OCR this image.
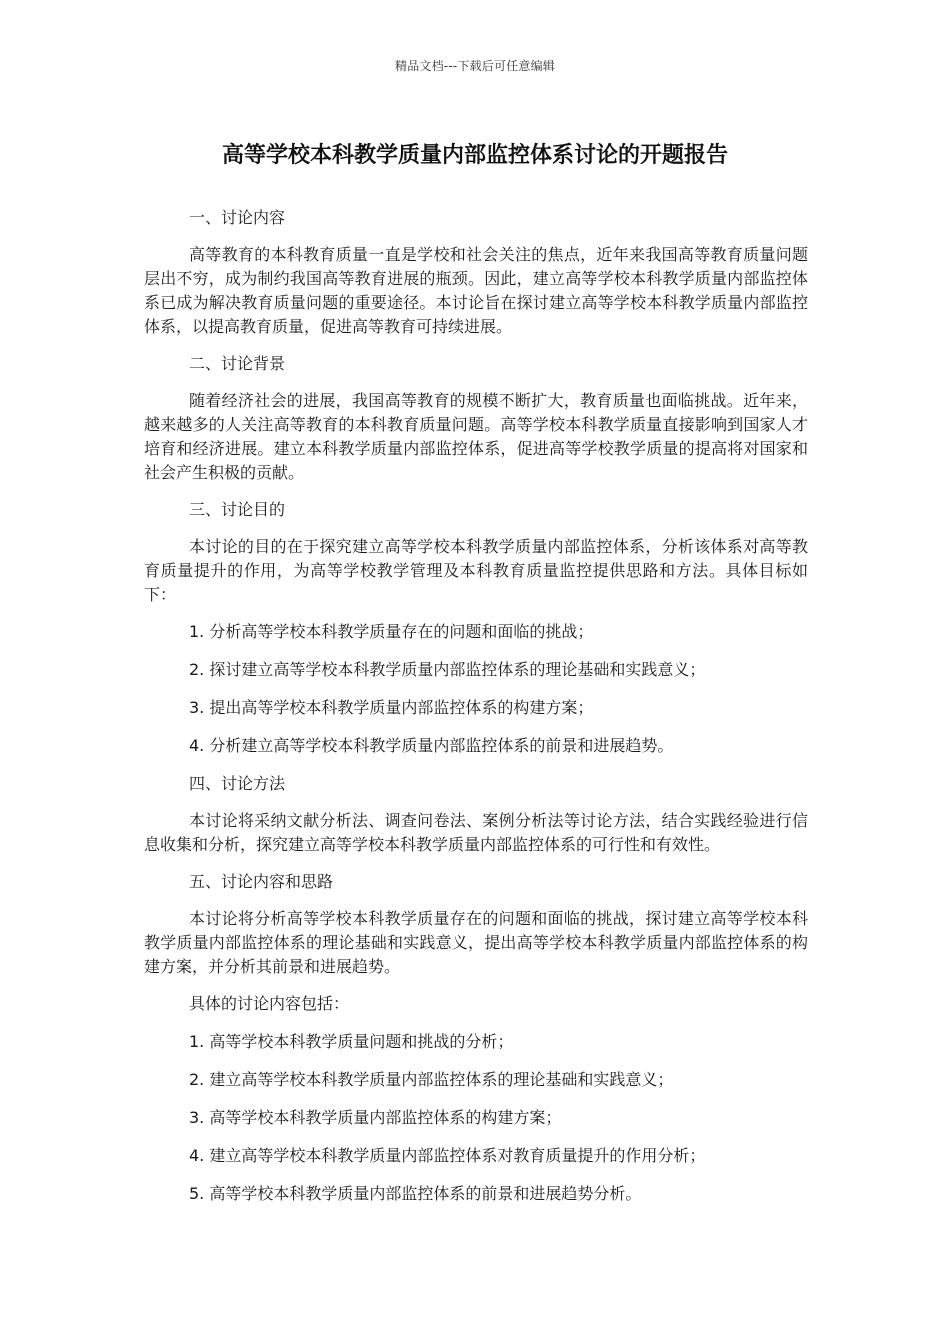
精品文档---下载后可任意编辑
高等学校本科教学质量内部监控体系讨论的开题报告
一、讨论内容
高等教育的本科教育质量一直是学校和社会关注的焦点，近年来我国高等教育质量问题层出不穷，成为制约我国高等教育进展的瓶颈。因此，建立高等学校本科教学质量内部监控体系已成为解决教育质量问题的重要途径。本讨论旨在探讨建立高等学校本科教学质量内部监控体系，以提高教育质量，促进高等教育可持续进展。
二、讨论背景
随着经济社会的进展，我国高等教育的规模不断扩大，教育质量也面临挑战。近年来，越来越多的人关注高等教育的本科教育质量问题。高等学校本科教学质量直接影响到国家人才培育和经济进展。建立本科教学质量内部监控体系，促进高等学校教学质量的提高将对国家和社会产生积极的贡献。
三、讨论目的
本讨论的目的在于探究建立高等学校本科教学质量内部监控体系，分析该体系对高等教育质量提升的作用，为高等学校教学管理及本科教育质量监控提供思路和方法。具体目标如下：
1. 分析高等学校本科教学质量存在的问题和面临的挑战；
2. 探讨建立高等学校本科教学质量内部监控体系的理论基础和实践意义；
3. 提出高等学校本科教学质量内部监控体系的构建方案；
4. 分析建立高等学校本科教学质量内部监控体系的前景和进展趋势。
四、讨论方法
本讨论将采纳文献分析法、调查问卷法、案例分析法等讨论方法，结合实践经验进行信息收集和分析，探究建立高等学校本科教学质量内部监控体系的可行性和有效性。
五、讨论内容和思路
本讨论将分析高等学校本科教学质量存在的问题和面临的挑战，探讨建立高等学校本科教学质量内部监控体系的理论基础和实践意义，提出高等学校本科教学质量内部监控体系的构建方案，并分析其前景和进展趋势。
具体的讨论内容包括：
1. 高等学校本科教学质量问题和挑战的分析；
2. 建立高等学校本科教学质量内部监控体系的理论基础和实践意义；
3. 高等学校本科教学质量内部监控体系的构建方案；
4. 建立高等学校本科教学质量内部监控体系对教育质量提升的作用分析；
5. 高等学校本科教学质量内部监控体系的前景和进展趋势分析。
